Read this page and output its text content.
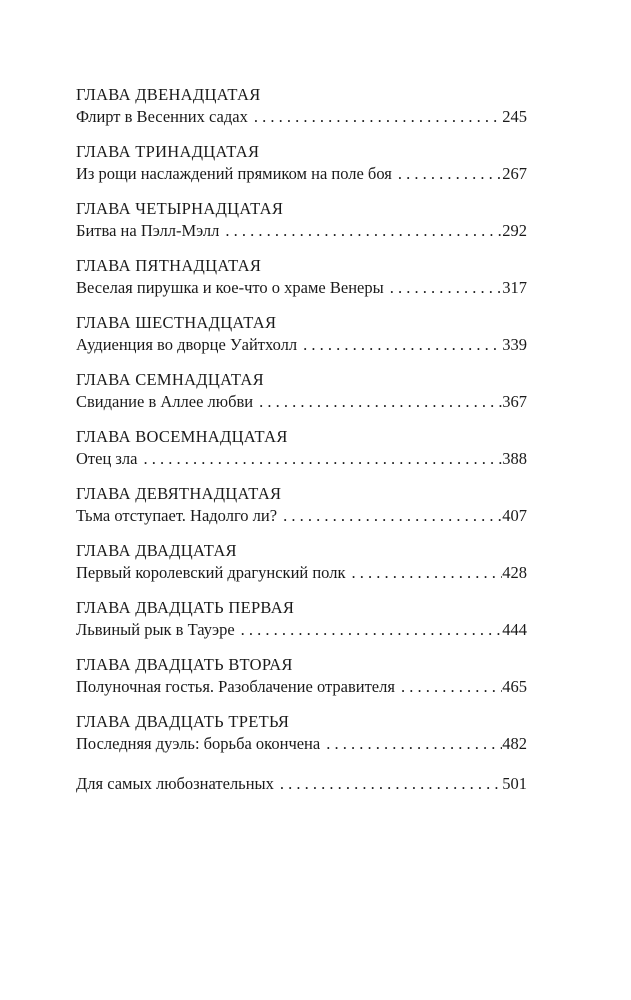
ГЛАВА ДВЕНАДЦАТАЯ
Флирт в Весенних садах . . .	245
ГЛАВА ТРИНАДЦАТАЯ
Из рощи наслаждений прямиком на поле боя . . .	267
ГЛАВА ЧЕТЫРНАДЦАТАЯ
Битва на Пэлл-Мэлл . . .	292
ГЛАВА ПЯТНАДЦАТАЯ
Веселая пирушка и кое-что о храме Венеры . . .	317
ГЛАВА ШЕСТНАДЦАТАЯ
Аудиенция во дворце Уайтхолл . . .	339
ГЛАВА СЕМНАДЦАТАЯ
Свидание в Аллее любви . . .	367
ГЛАВА ВОСЕМНАДЦАТАЯ
Отец зла . . .	388
ГЛАВА ДЕВЯТНАДЦАТАЯ
Тьма отступает. Надолго ли? . . .	407
ГЛАВА ДВАДЦАТАЯ
Первый королевский драгунский полк . . .	428
ГЛАВА ДВАДЦАТЬ ПЕРВАЯ
Львиный рык в Тауэре . . .	444
ГЛАВА ДВАДЦАТЬ ВТОРАЯ
Полуночная гостья. Разоблачение отравителя . . .	465
ГЛАВА ДВАДЦАТЬ ТРЕТЬЯ
Последняя дуэль: борьба окончена . . .	482
Для самых любознательных . . .	501
